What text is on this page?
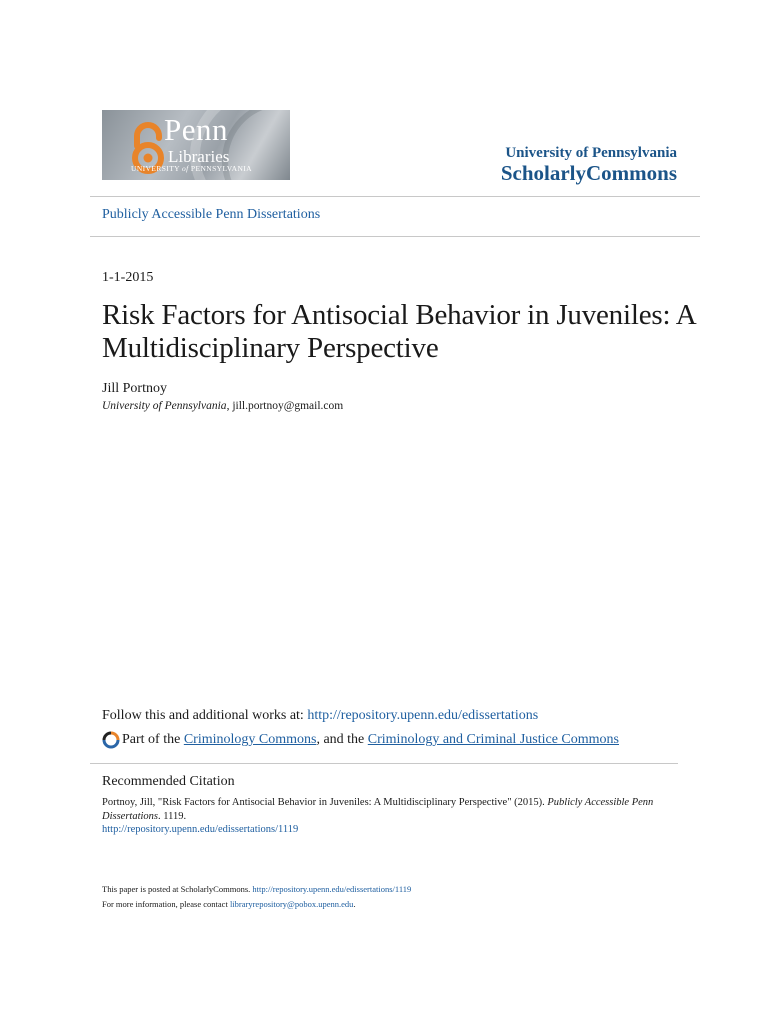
Penn
Libraries
UNIVERSITY of PENNSYLVANIA
University of Pennsylvania
ScholarlyCommons
Publicly Accessible Penn Dissertations
1-1-2015
Risk Factors for Antisocial Behavior in Juveniles: A Multidisciplinary Perspective
Jill Portnoy
University of Pennsylvania, jill.portnoy@gmail.com
Follow this and additional works at: http://repository.upenn.edu/edissertations
Part of the
Criminology Commons , and the
Criminology and Criminal Justice Commons
Recommended Citation
Portnoy, Jill, "Risk Factors for Antisocial Behavior in Juveniles: A Multidisciplinary Perspective" (2015). Publicly Accessible Penn Dissertations. 1119.
http://repository.upenn.edu/edissertations/1119
This paper is posted at ScholarlyCommons. http://repository.upenn.edu/edissertations/1119
For more information, please contact libraryrepository@pobox.upenn.edu.
